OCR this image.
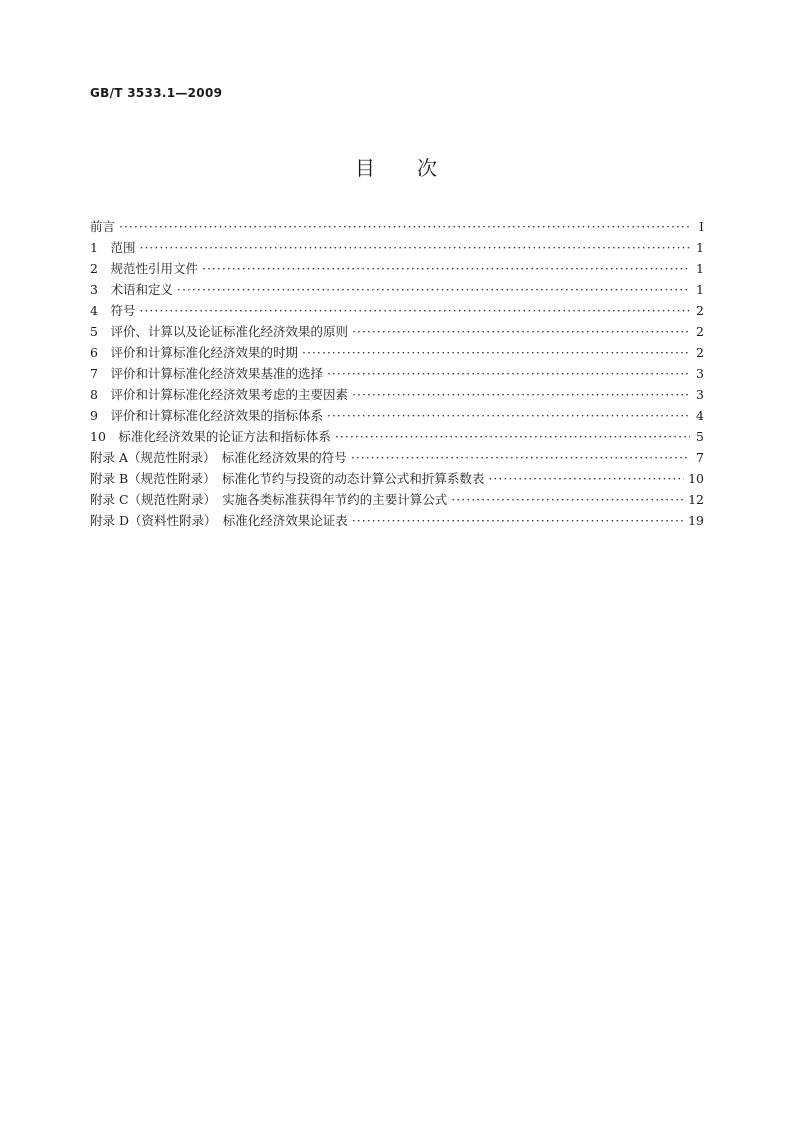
GB/T 3533.1—2009
目 次
前言 ·····	Ⅰ
1　范围 ·····	1
2　规范性引用文件 ·····	1
3　术语和定义 ·····	1
4　符号 ·····	2
5　评价、计算以及论证标准化经济效果的原则 ·····	2
6　评价和计算标准化经济效果的时期 ·····	2
7　评价和计算标准化经济效果基准的选择 ·····	3
8　评价和计算标准化经济效果考虑的主要因素 ·····	3
9　评价和计算标准化经济效果的指标体系 ·····	4
10　标准化经济效果的论证方法和指标体系 ·····	5
附录 A（规范性附录）　标准化经济效果的符号 ·····	7
附录 B（规范性附录）　标准化节约与投资的动态计算公式和折算系数表 ·····	10
附录 C（规范性附录）　实施各类标准获得年节约的主要计算公式 ·····	12
附录 D（资料性附录）　标准化经济效果论证表 ·····	19
